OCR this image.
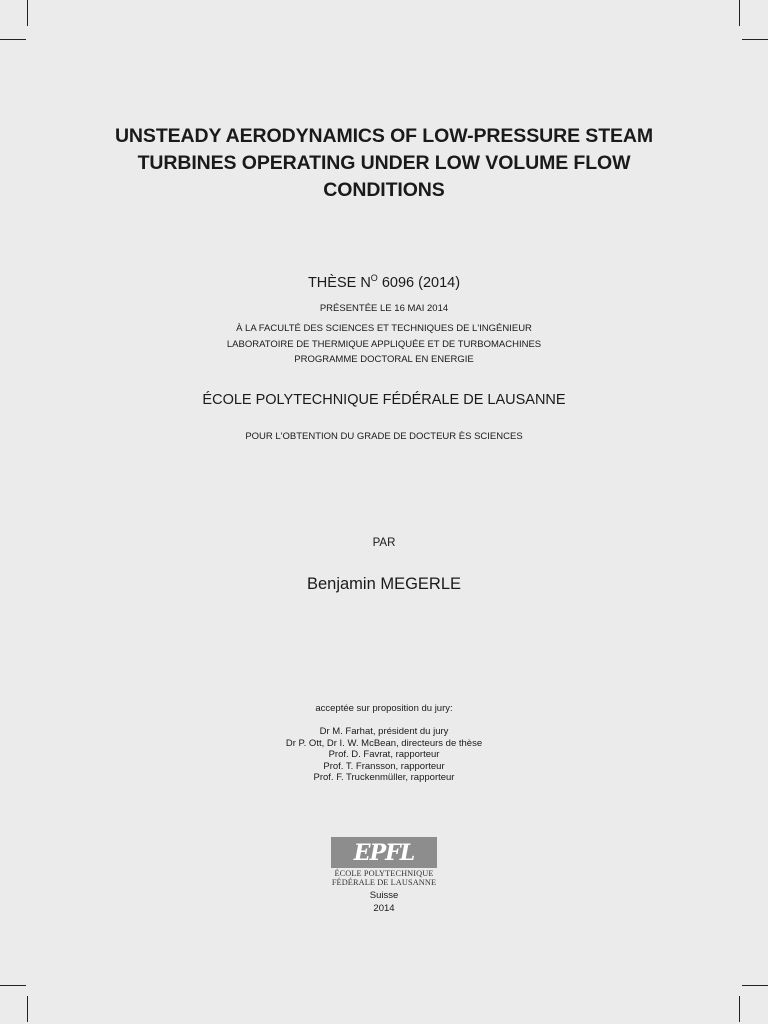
UNSTEADY AERODYNAMICS OF LOW-PRESSURE STEAM
TURBINES OPERATING UNDER LOW VOLUME FLOW
CONDITIONS
THÈSE $N^O$ 6096 (2014)
PRÉSENTÉE LE 16 MAI 2014
À LA FACULTÉ DES SCIENCES ET TECHNIQUES DE L'INGÉNIEUR
LABORATOIRE DE THERMIQUE APPLIQUÉE ET DE TURBOMACHINES
PROGRAMME DOCTORAL EN ENERGIE
ÉCOLE POLYTECHNIQUE FÉDÉRALE DE LAUSANNE
POUR L'OBTENTION DU GRADE DE DOCTEUR ÈS SCIENCES
PAR
Benjamin MEGERLE
acceptée sur proposition du jury:
Dr M. Farhat, président du jury
Dr P. Ott, Dr I. W. McBean, directeurs de thèse
Prof. D. Favrat, rapporteur
Prof. T. Fransson, rapporteur
Prof. F. Truckenmüller, rapporteur
EPFL
ÉCOLE POLYTECHNIQUE
FÉDÉRALE DE LAUSANNE
Suisse
2014
